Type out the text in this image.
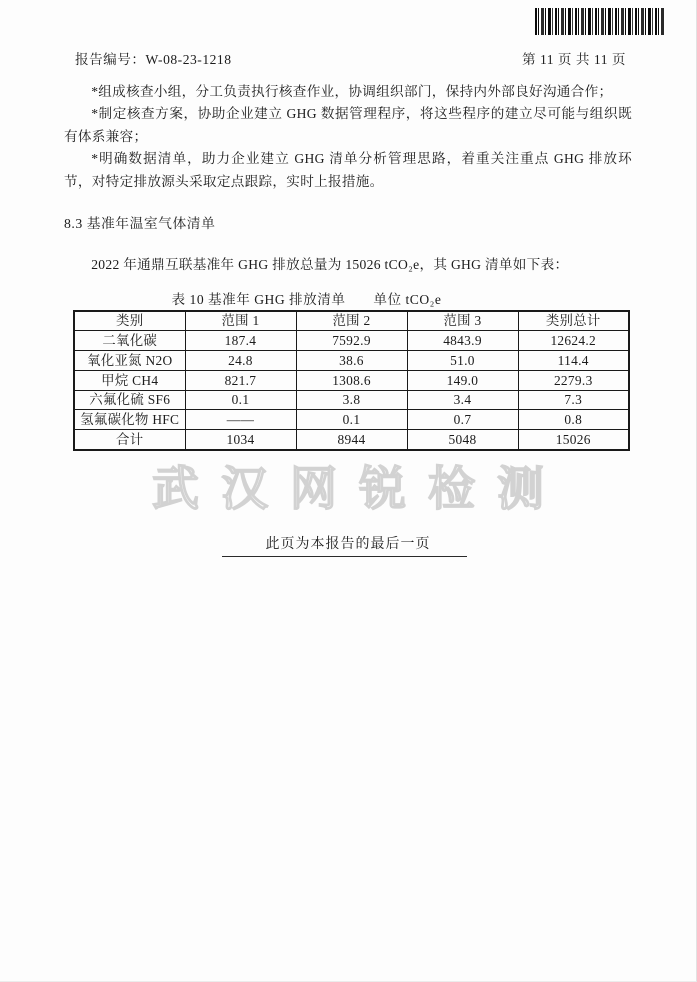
报告编号：W-08-23-1218	第 11 页 共 11 页

*组成核查小组，分工负责执行核查作业，协调组织部门，保持内外部良好沟通合作；

*制定核查方案，协助企业建立 GHG 数据管理程序，将这些程序的建立尽可能与组织既有体系兼容；

*明确数据清单，助力企业建立 GHG 清单分析管理思路，着重关注重点 GHG 排放环节，对特定排放源头采取定点跟踪，实时上报措施。

8.3 基准年温室气体清单

2022 年通鼎互联基准年 GHG 排放总量为 15026 tCO₂e，其 GHG 清单如下表：

表 10 基准年 GHG 排放清单 单位 tCO₂e
类别	范围 1	范围 2	范围 3	类别总计
二氧化碳	187.4	7592.9	4843.9	12624.2
氧化亚氮 N2O	24.8	38.6	51.0	114.4
甲烷 CH4	821.7	1308.6	149.0	2279.3
六氟化硫 SF6	0.1	3.8	3.4	7.3
氢氟碳化物 HFC	——	0.1	0.7	0.8
合计	1034	8944	5048	15026
武汉网锐检测
此页为本报告的最后一页
